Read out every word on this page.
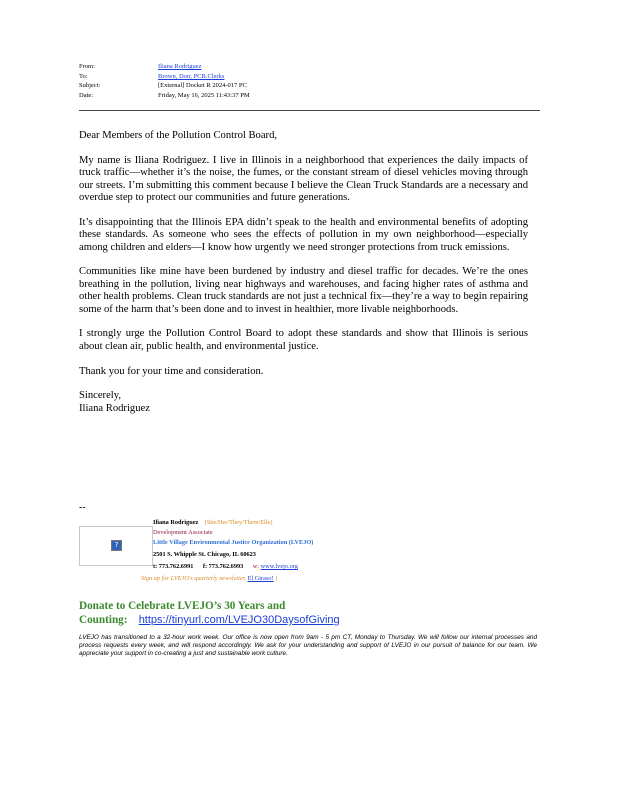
From:	Iliana Rodriguez
To:	Brown, Don; PCB.Clerks
Subject:	[External] Docket R 2024-017 PC
Date:	Friday, May 16, 2025 11:43:37 PM

Dear Members of the Pollution Control Board,

My name is Iliana Rodriguez. I live in Illinois in a neighborhood that experiences the daily impacts of truck traffic—whether it’s the noise, the fumes, or the constant stream of diesel vehicles moving through our streets. I’m submitting this comment because I believe the Clean Truck Standards are a necessary and overdue step to protect our communities and future generations.

It’s disappointing that the Illinois EPA didn’t speak to the health and environmental benefits of adopting these standards. As someone who sees the effects of pollution in my own neighborhood—especially among children and elders—I know how urgently we need stronger protections from truck emissions.

Communities like mine have been burdened by industry and diesel traffic for decades. We’re the ones breathing in the pollution, living near highways and warehouses, and facing higher rates of asthma and other health problems. Clean truck standards are not just a technical fix—they’re a way to begin repairing some of the harm that’s been done and to invest in healthier, more livable neighborhoods.

I strongly urge the Pollution Control Board to adopt these standards and show that Illinois is serious about clean air, public health, and environmental justice.

Thank you for your time and consideration.

Sincerely,

Iliana Rodriguez

--
?
Iliana Rodriguez (She/Her/They/Them/Elle)
Development Associate
Little Village Environmental Justice Organization (LVEJO)
2501 S. Whipple St. Chicago, IL 60623
t: 773.762.6991 f: 773.762.6993 w: www.lvejo.org
Sign up for LVEJO's quarterly newsletter, El Giraso! )
Donate to Celebrate LVEJO’s 30 Years and
Counting: https://tinyurl.com/LVEJO30DaysofGiving
LVEJO has transitioned to a 32-hour work week. Our office is now open from 9am - 5 pm CT, Monday to Thursday. We will follow our internal processes and process requests every week, and will respond accordingly. We ask for your understanding and support of LVEJO in our pursuit of balance for our team. We appreciate your support in co-creating a just and sustainable work culture.
